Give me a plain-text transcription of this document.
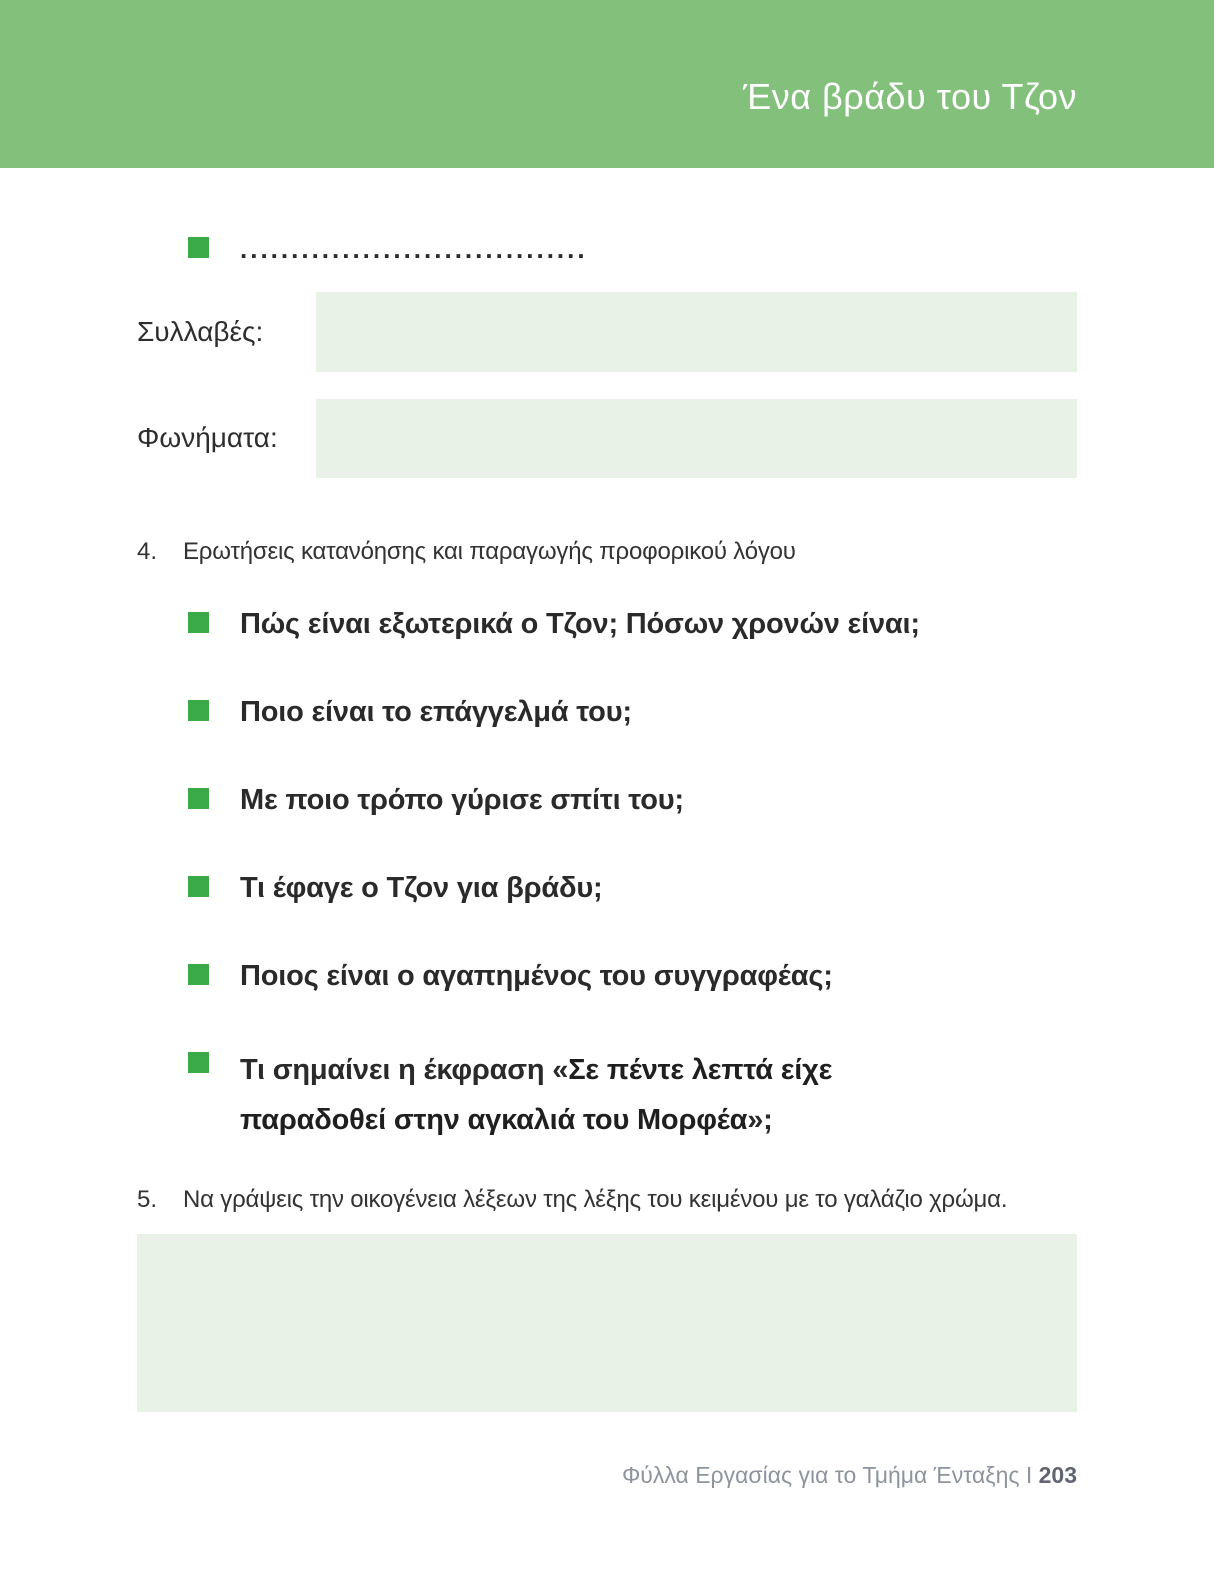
Ένα βράδυ του Τζον
..................................
Συλλαβές:
Φωνήματα:
4.	Ερωτήσεις κατανόησης και παραγωγής προφορικού λόγου
Πώς είναι εξωτερικά ο Τζον; Πόσων χρονών είναι;
Ποιο είναι το επάγγελμά του;
Με ποιο τρόπο γύρισε σπίτι του;
Τι έφαγε ο Τζον για βράδυ;
Ποιος είναι ο αγαπημένος του συγγραφέας;
Τι σημαίνει η έκφραση «Σε πέντε λεπτά είχε παραδοθεί στην αγκαλιά του Μορφέα»;
5.	Να γράψεις την οικογένεια λέξεων της λέξης του κειμένου με το γαλάζιο χρώμα.
Φύλλα Εργασίας για το Τμήμα Ένταξης I 203
